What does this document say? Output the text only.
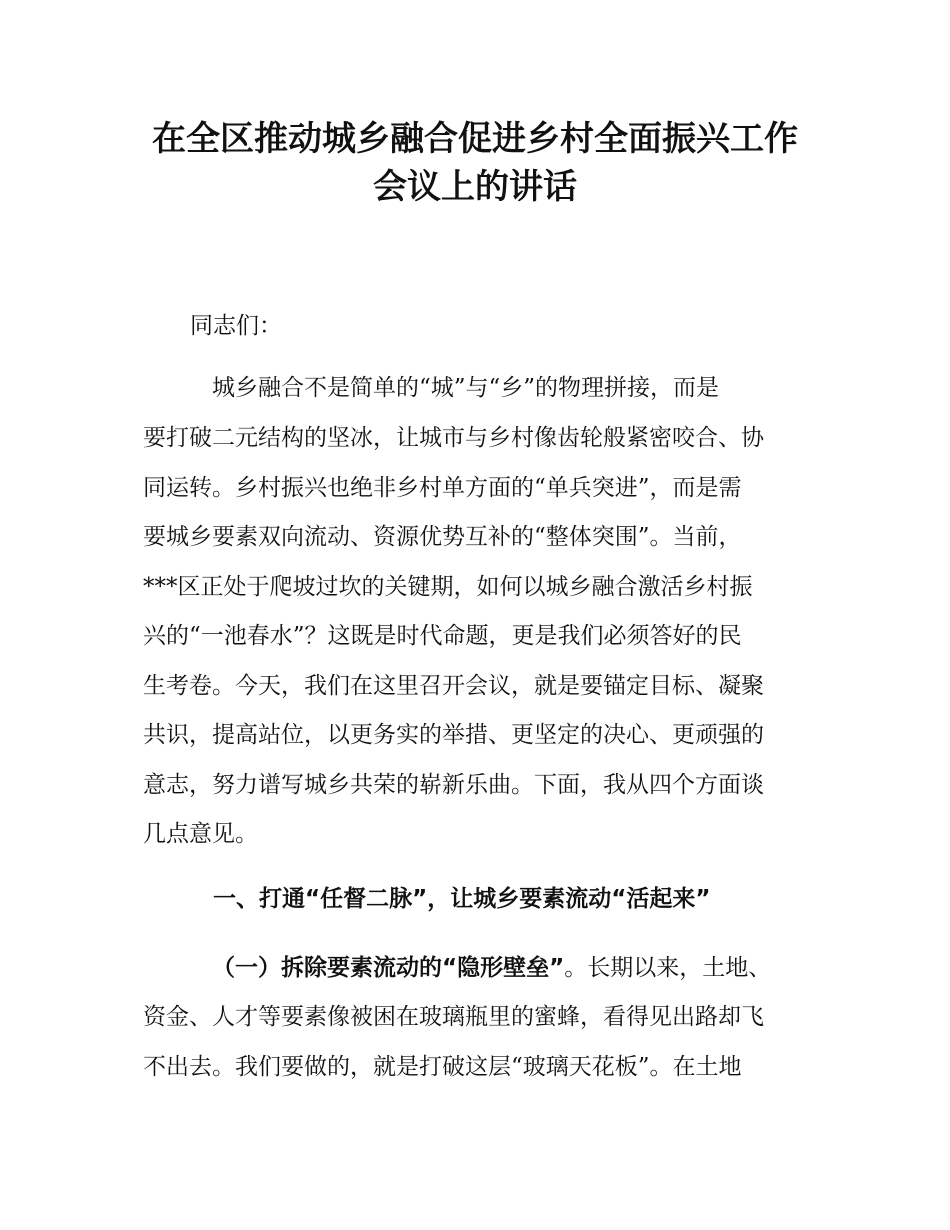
在全区推动城乡融合促进乡村全面振兴工作
会议上的讲话

同志们：

城乡融合不是简单的“城”与“乡”的物理拼接，而是

要打破二元结构的坚冰，让城市与乡村像齿轮般紧密咬合、协

同运转。乡村振兴也绝非乡村单方面的“单兵突进”，而是需

要城乡要素双向流动、资源优势互补的“整体突围”。当前，

***区正处于爬坡过坎的关键期，如何以城乡融合激活乡村振

兴的“一池春水”？这既是时代命题，更是我们必须答好的民

生考卷。今天，我们在这里召开会议，就是要锚定目标、凝聚

共识，提高站位，以更务实的举措、更坚定的决心、更顽强的

意志，努力谱写城乡共荣的崭新乐曲。下面，我从四个方面谈

几点意见。

一、打通“任督二脉”，让城乡要素流动“活起来”

（一）拆除要素流动的“隐形壁垒”。长期以来，土地、

资金、人才等要素像被困在玻璃瓶里的蜜蜂，看得见出路却飞

不出去。我们要做的，就是打破这层“玻璃天花板”。在土地
